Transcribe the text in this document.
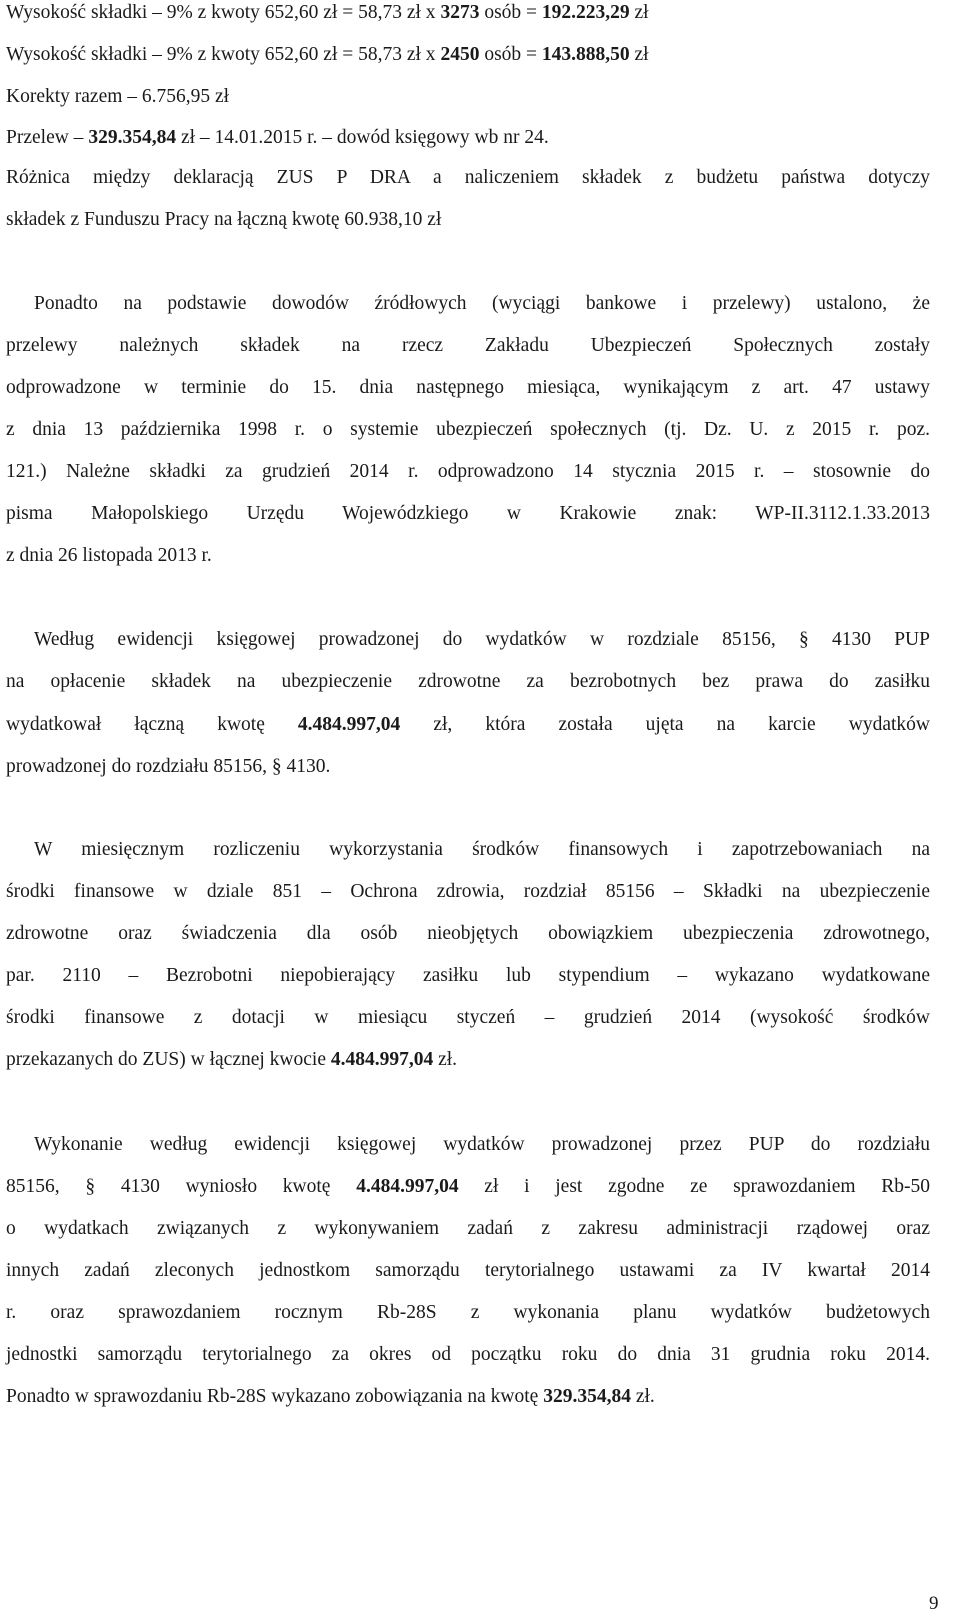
Wysokość składki – 9% z kwoty 652,60 zł = 58,73 zł x 3273 osób = 192.223,29 zł
Wysokość składki – 9% z kwoty 652,60 zł = 58,73 zł x 2450 osób = 143.888,50 zł
Korekty razem – 6.756,95 zł
Przelew – 329.354,84 zł – 14.01.2015 r. – dowód księgowy wb nr 24.
Różnica między deklaracją ZUS P DRA a naliczeniem składek z budżetu państwa dotyczy
składek z Funduszu Pracy na łączną kwotę 60.938,10 zł
Ponadto na podstawie dowodów źródłowych (wyciągi bankowe i przelewy) ustalono, że
przelewy należnych składek na rzecz Zakładu Ubezpieczeń Społecznych zostały
odprowadzone w terminie do 15. dnia następnego miesiąca, wynikającym z art. 47 ustawy
z dnia 13 października 1998 r. o systemie ubezpieczeń społecznych (tj. Dz. U. z 2015 r. poz.
121.) Należne składki za grudzień 2014 r. odprowadzono 14 stycznia 2015 r. – stosownie do
pisma Małopolskiego Urzędu Wojewódzkiego w Krakowie znak: WP-II.3112.1.33.2013
z dnia 26 listopada 2013 r.
Według ewidencji księgowej prowadzonej do wydatków w rozdziale 85156, § 4130 PUP
na opłacenie składek na ubezpieczenie zdrowotne za bezrobotnych bez prawa do zasiłku
wydatkował łączną kwotę 4.484.997,04 zł, która została ujęta na karcie wydatków
prowadzonej do rozdziału 85156, § 4130.
W miesięcznym rozliczeniu wykorzystania środków finansowych i zapotrzebowaniach na
środki finansowe w dziale 851 – Ochrona zdrowia, rozdział 85156 – Składki na ubezpieczenie
zdrowotne oraz świadczenia dla osób nieobjętych obowiązkiem ubezpieczenia zdrowotnego,
par. 2110 – Bezrobotni niepobierający zasiłku lub stypendium – wykazano wydatkowane
środki finansowe z dotacji w miesiącu styczeń – grudzień 2014 (wysokość środków
przekazanych do ZUS) w łącznej kwocie 4.484.997,04 zł.
Wykonanie według ewidencji księgowej wydatków prowadzonej przez PUP do rozdziału
85156, § 4130 wyniosło kwotę 4.484.997,04 zł i jest zgodne ze sprawozdaniem Rb-50
o wydatkach związanych z wykonywaniem zadań z zakresu administracji rządowej oraz
innych zadań zleconych jednostkom samorządu terytorialnego ustawami za IV kwartał 2014
r. oraz sprawozdaniem rocznym Rb-28S z wykonania planu wydatków budżetowych
jednostki samorządu terytorialnego za okres od początku roku do dnia 31 grudnia roku 2014.
Ponadto w sprawozdaniu Rb-28S wykazano zobowiązania na kwotę 329.354,84 zł.
9
